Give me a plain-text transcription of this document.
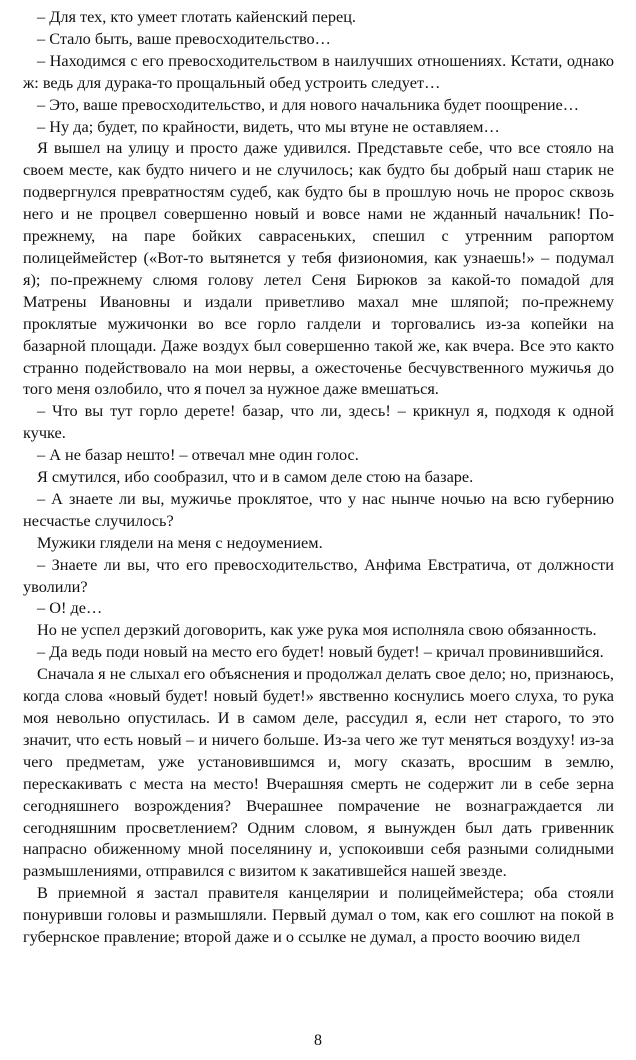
– Для тех, кто умеет глотать кайенский перец.

– Стало быть, ваше превосходительство…

– Находимся с его превосходительством в наилучших отношениях. Кстати, однако ж: ведь для дурака-то прощальный обед устроить следует…

– Это, ваше превосходительство, и для нового начальника будет поощрение…

– Ну да; будет, по крайности, видеть, что мы втуне не оставляем…

Я вышел на улицу и просто даже удивился. Представьте себе, что все стояло на своем месте, как будто ничего и не случилось; как будто бы добрый наш старик не подвергнулся превратностям судеб, как будто бы в прошлую ночь не пророс сквозь него и не процвел совершенно новый и вовсе нами не жданный начальник! По-прежнему, на паре бойких саврасеньких, спешил с утренним рапортом полицеймейстер («Вот-то вытянется у тебя физиономия, как узнаешь!» – подумал я); по-прежнему слюмя голову летел Сеня Бирюков за какой-то помадой для Матрены Ивановны и издали приветливо махал мне шляпой; по-прежнему проклятые мужичонки во все горло галдели и торговались из-за копейки на базарной площади. Даже воздух был совершенно такой же, как вчера. Все это както странно подействовало на мои нервы, а ожесточенье бесчувственного мужичья до того меня озлобило, что я почел за нужное даже вмешаться.

– Что вы тут горло дерете! базар, что ли, здесь! – крикнул я, подходя к одной кучке.

– А не базар нешто! – отвечал мне один голос.

Я смутился, ибо сообразил, что и в самом деле стою на базаре.

– А знаете ли вы, мужичье проклятое, что у нас нынче ночью на всю губернию несчастье случилось?

Мужики глядели на меня с недоумением.

– Знаете ли вы, что его превосходительство, Анфима Евстратича, от должности уволили?

– О! де…

Но не успел дерзкий договорить, как уже рука моя исполняла свою обязанность.

– Да ведь поди новый на место его будет! новый будет! – кричал провинившийся.

Сначала я не слыхал его объяснения и продолжал делать свое дело; но, признаюсь, когда слова «новый будет! новый будет!» явственно коснулись моего слуха, то рука моя невольно опустилась. И в самом деле, рассудил я, если нет старого, то это значит, что есть новый – и ничего больше. Из-за чего же тут меняться воздуху! из-за чего предметам, уже установившимся и, могу сказать, вросшим в землю, перескакивать с места на место! Вчерашняя смерть не содержит ли в себе зерна сегодняшнего возрождения? Вчерашнее помрачение не вознаграждается ли сегодняшним просветлением? Одним словом, я вынужден был дать гривенник напрасно обиженному мной поселянину и, успокоивши себя разными солидными размышлениями, отправился с визитом к закатившейся нашей звезде.

В приемной я застал правителя канцелярии и полицеймейстера; оба стояли понуривши головы и размышляли. Первый думал о том, как его сошлют на покой в губернское правление; второй даже и о ссылке не думал, а просто воочию видел

8
